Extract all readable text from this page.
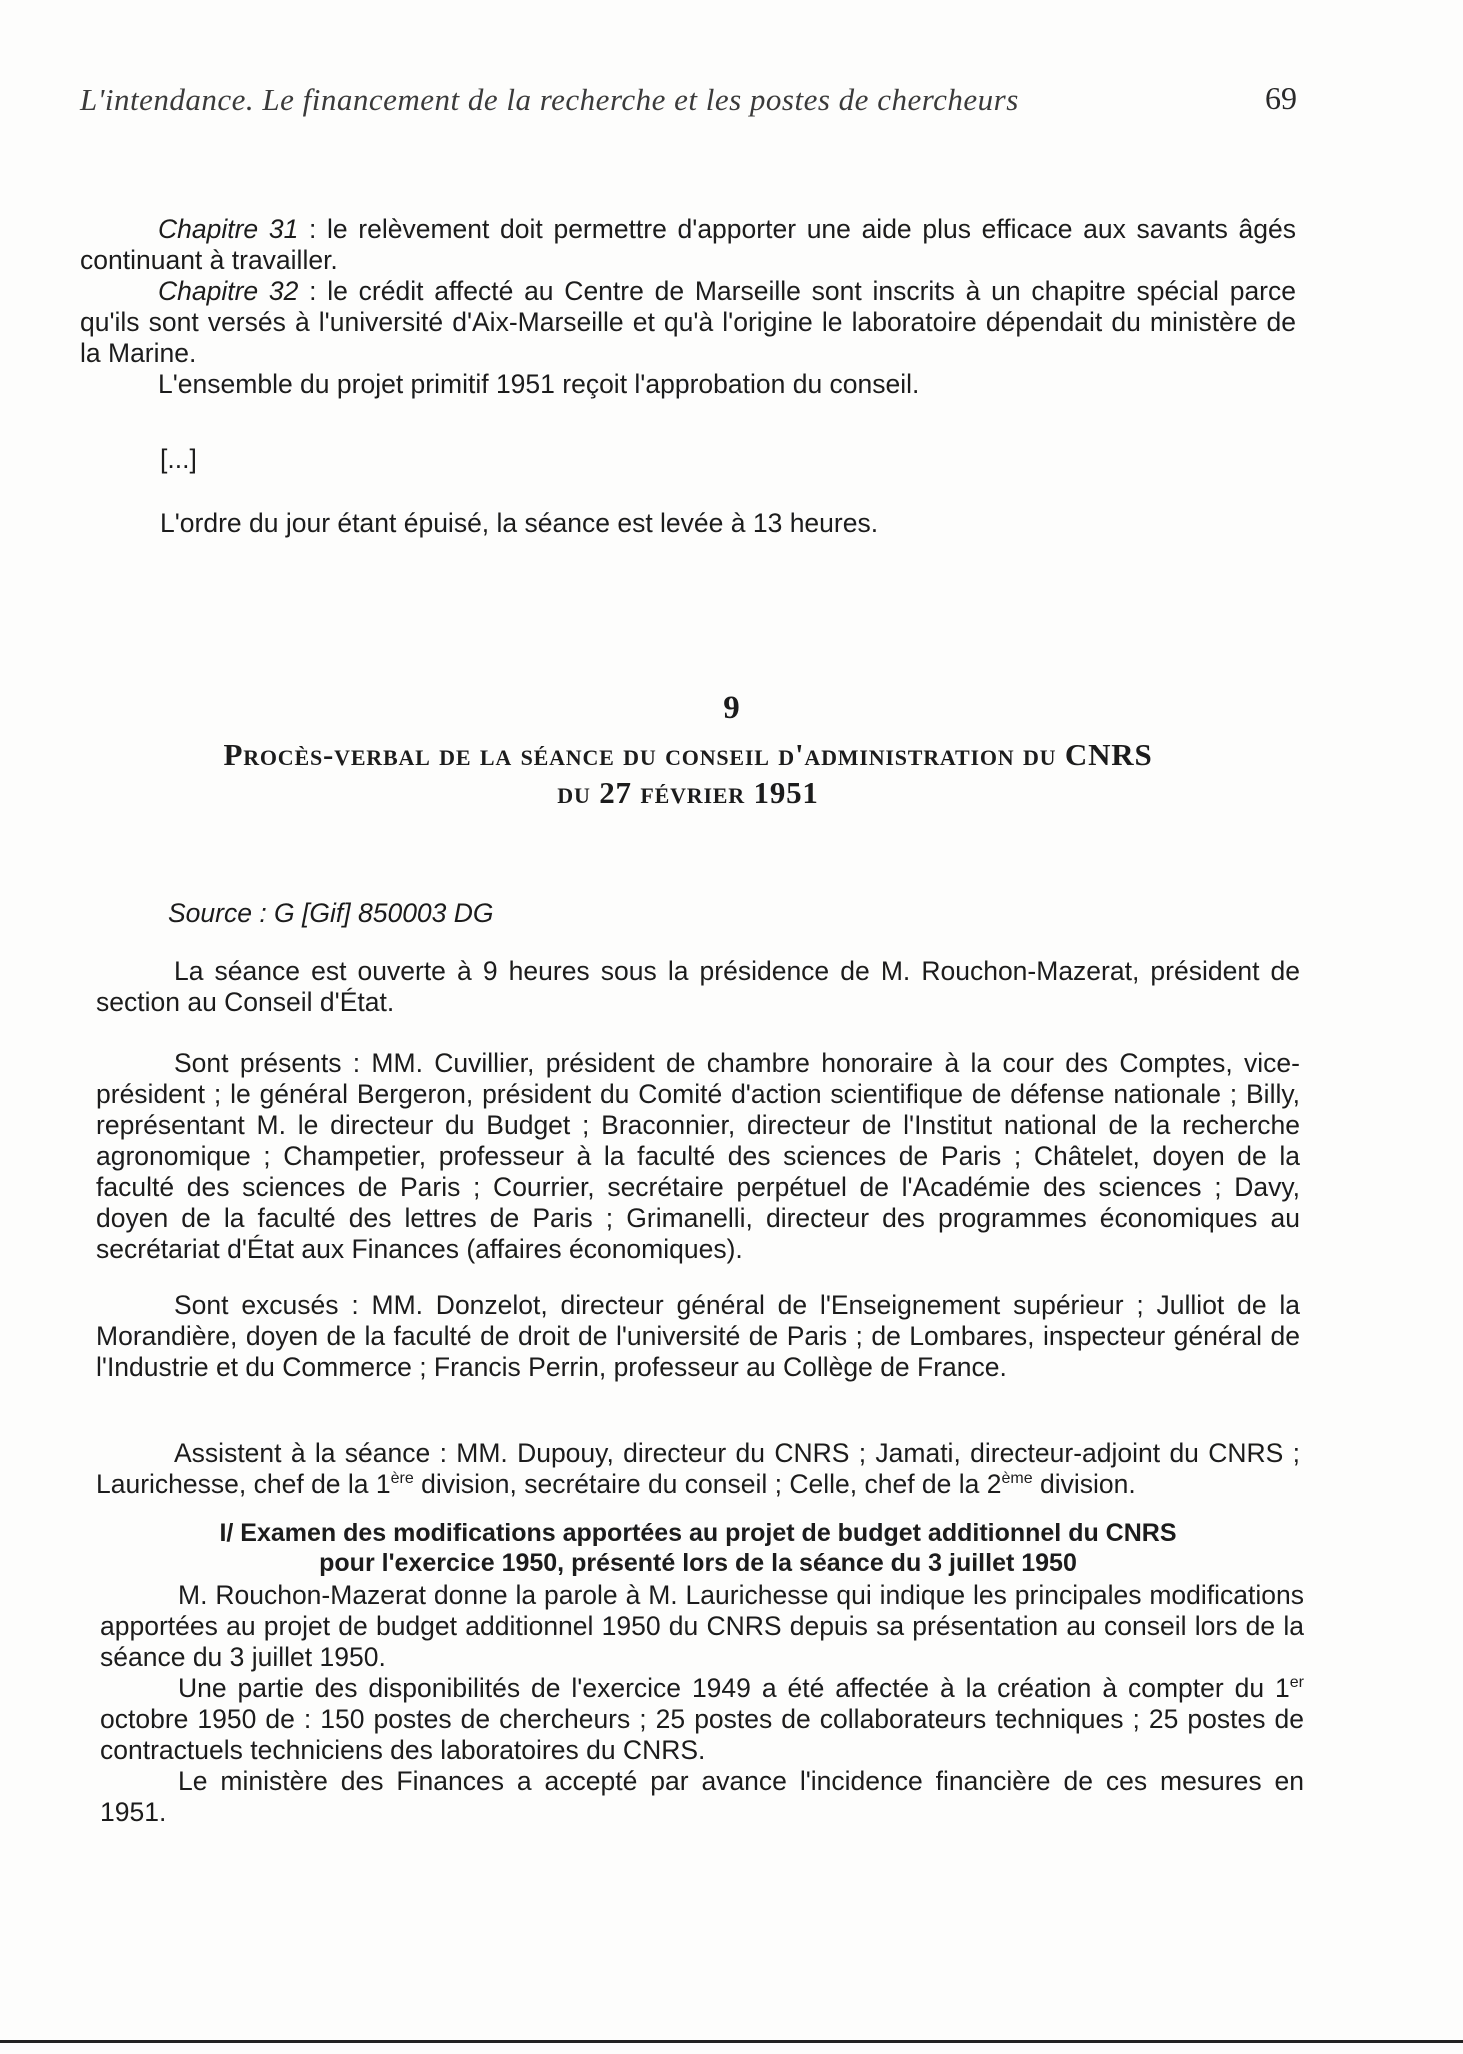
L'intendance. Le financement de la recherche et les postes de chercheurs	69

Chapitre 31 : le relèvement doit permettre d'apporter une aide plus efficace aux savants âgés continuant à travailler.

Chapitre 32 : le crédit affecté au Centre de Marseille sont inscrits à un chapitre spécial parce qu'ils sont versés à l'université d'Aix-Marseille et qu'à l'origine le laboratoire dépendait du ministère de la Marine.

L'ensemble du projet primitif 1951 reçoit l'approbation du conseil.

[...]
L'ordre du jour étant épuisé, la séance est levée à 13 heures.
9
Procès-verbal de la séance du conseil d'administration du CNRS
du 27 février 1951
Source : G [Gif] 850003 DG

La séance est ouverte à 9 heures sous la présidence de M. Rouchon-Mazerat, président de section au Conseil d'État.

Sont présents : MM. Cuvillier, président de chambre honoraire à la cour des Comptes, vice-président ; le général Bergeron, président du Comité d'action scientifique de défense nationale ; Billy, représentant M. le directeur du Budget ; Braconnier, directeur de l'Institut national de la recherche agronomique ; Champetier, professeur à la faculté des sciences de Paris ; Châtelet, doyen de la faculté des sciences de Paris ; Courrier, secrétaire perpétuel de l'Académie des sciences ; Davy, doyen de la faculté des lettres de Paris ; Grimanelli, directeur des programmes économiques au secrétariat d'État aux Finances (affaires économiques).

Sont excusés : MM. Donzelot, directeur général de l'Enseignement supérieur ; Julliot de la Morandière, doyen de la faculté de droit de l'université de Paris ; de Lombares, inspecteur général de l'Industrie et du Commerce ; Francis Perrin, professeur au Collège de France.

Assistent à la séance : MM. Dupouy, directeur du CNRS ; Jamati, directeur-adjoint du CNRS ; Laurichesse, chef de la 1ère division, secrétaire du conseil ; Celle, chef de la 2ème division.

I/ Examen des modifications apportées au projet de budget additionnel du CNRS
pour l'exercice 1950, présenté lors de la séance du 3 juillet 1950

M. Rouchon-Mazerat donne la parole à M. Laurichesse qui indique les principales modifications apportées au projet de budget additionnel 1950 du CNRS depuis sa présentation au conseil lors de la séance du 3 juillet 1950.

Une partie des disponibilités de l'exercice 1949 a été affectée à la création à compter du 1er octobre 1950 de : 150 postes de chercheurs ; 25 postes de collaborateurs techniques ; 25 postes de contractuels techniciens des laboratoires du CNRS.

Le ministère des Finances a accepté par avance l'incidence financière de ces mesures en 1951.
